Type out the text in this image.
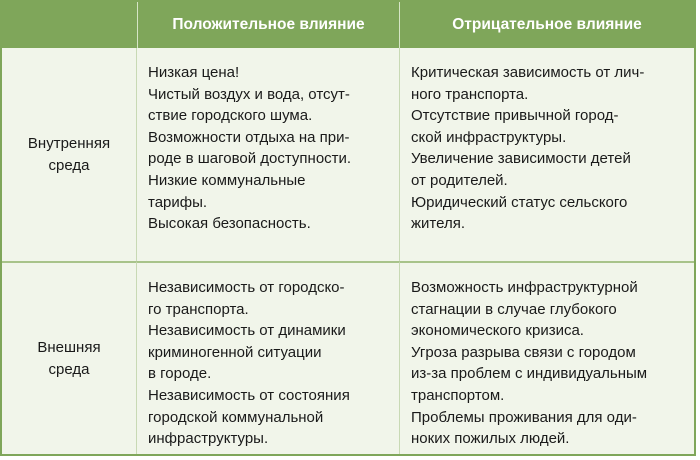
Положительное влияние	Отрицательное влияние
Внутренняя
среда
Низкая цена!
Чистый воздух и вода, отсут-
ствие городского шума.
Возможности отдыха на при-
роде в шаговой доступности.
Низкие коммунальные
тарифы.
Высокая безопасность.
Критическая зависимость от лич-
ного транспорта.
Отсутствие привычной город-
ской инфраструктуры.
Увеличение зависимости детей
от родителей.
Юридический статус сельского
жителя.
Внешняя
среда
Независимость от городско-
го транспорта.
Независимость от динамики
криминогенной ситуации
в городе.
Независимость от состояния
городской коммунальной
инфраструктуры.
Возможность инфраструктурной
стагнации в случае глубокого
экономического кризиса.
Угроза разрыва связи с городом
из-за проблем с индивидуальным
транспортом.
Проблемы проживания для оди-
ноких пожилых людей.
